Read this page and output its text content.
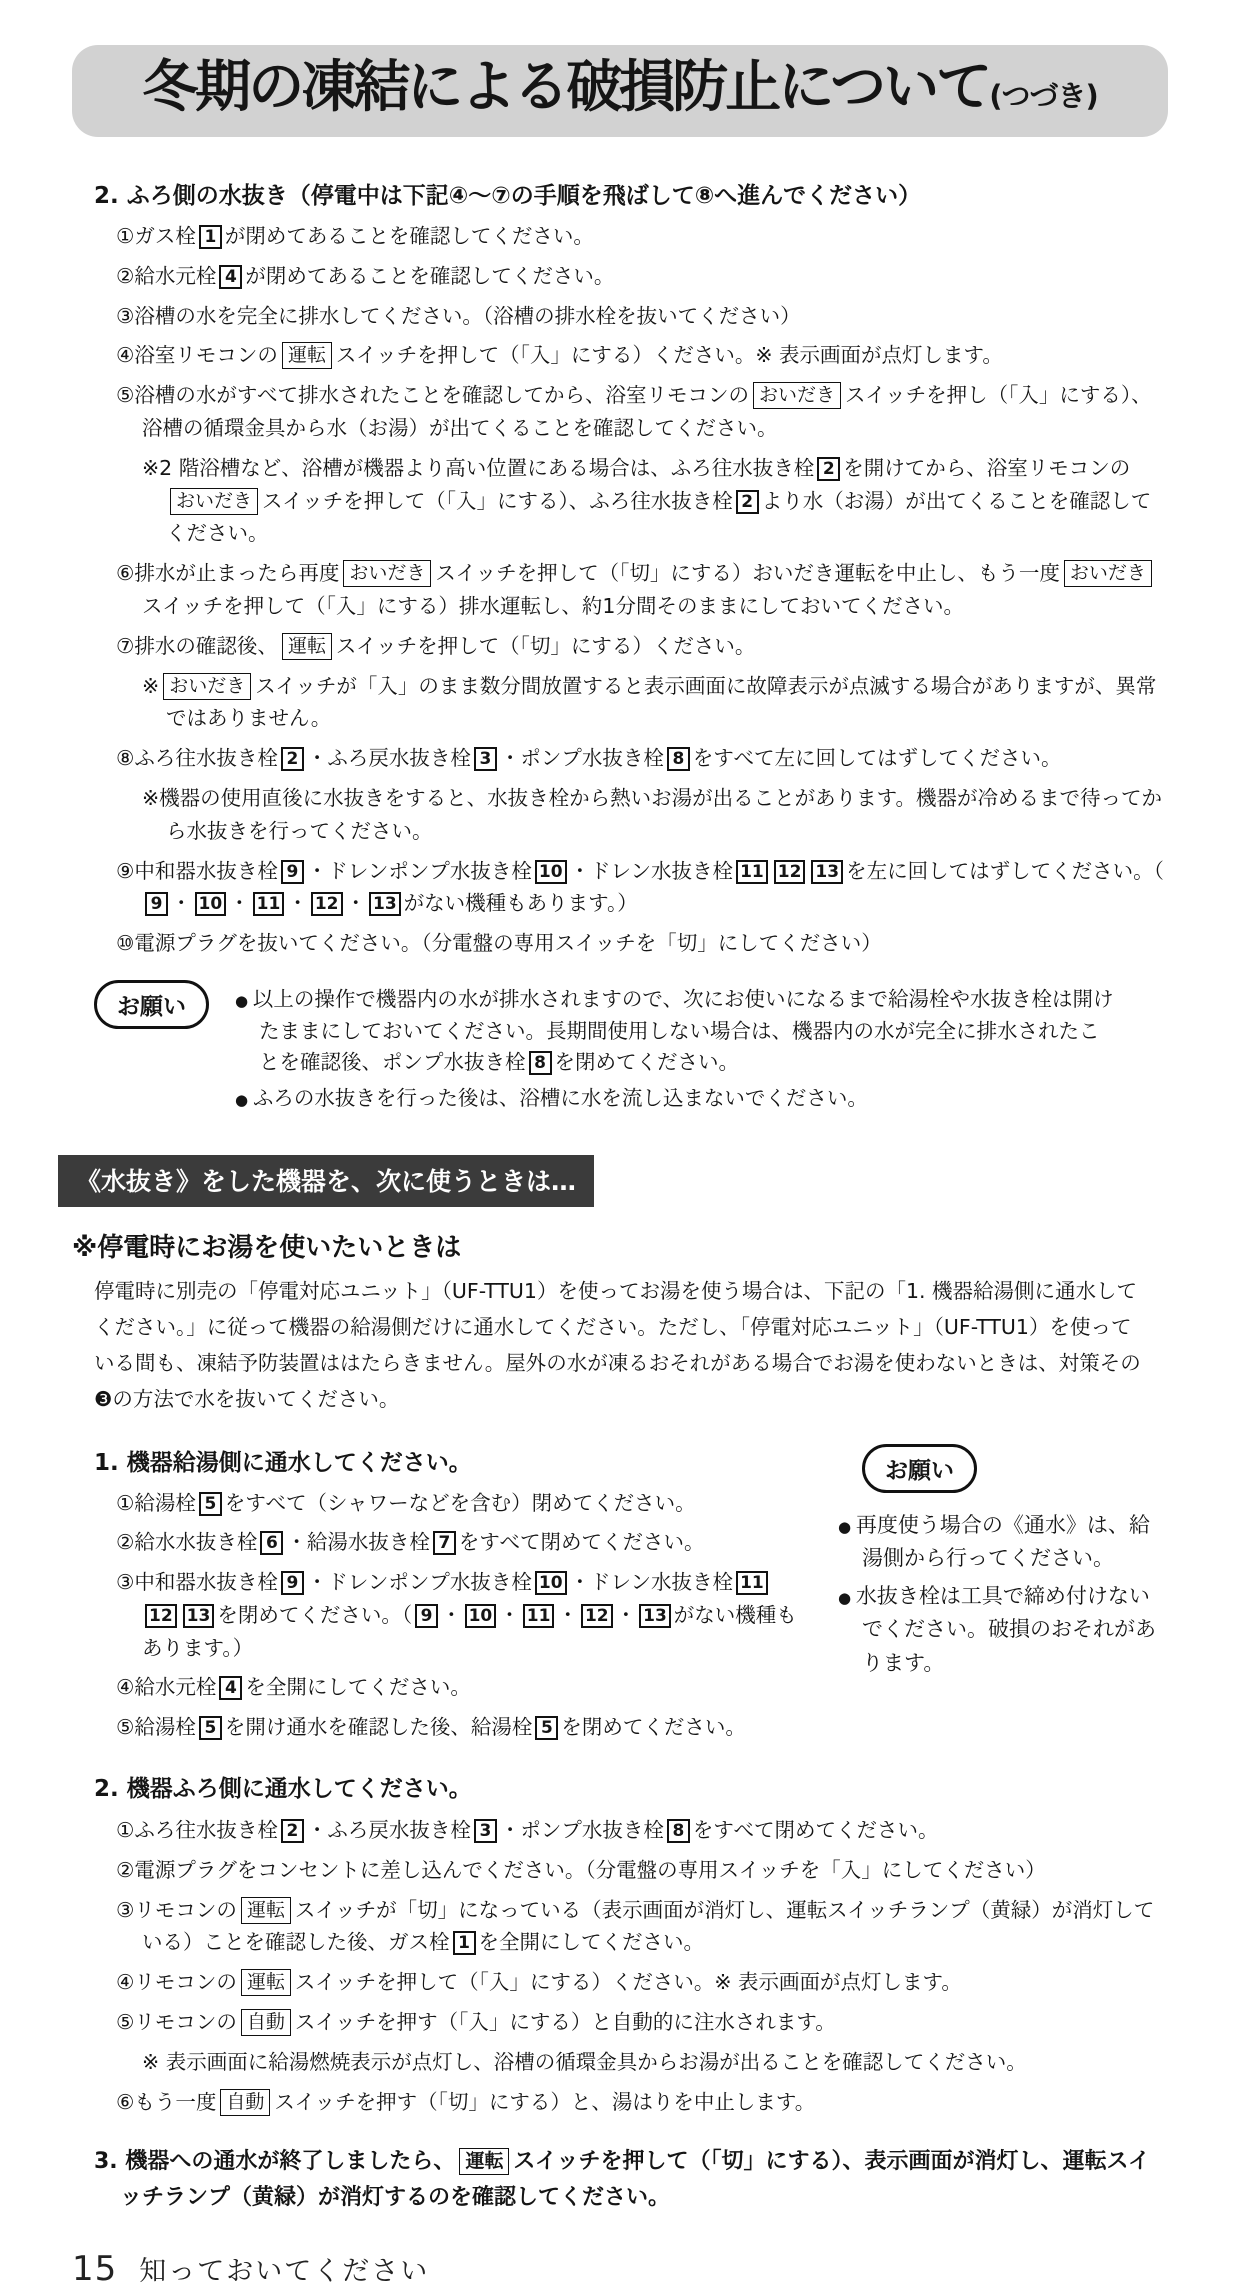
冬期の凍結による破損防止について(つづき)
2. ふろ側の水抜き（停電中は下記④～⑦の手順を飛ばして⑧へ進んでください）
①ガス栓 1 が閉めてあることを確認してください。
②給水元栓 4 が閉めてあることを確認してください。
③浴槽の水を完全に排水してください。（浴槽の排水栓を抜いてください）
④浴室リモコンの 運転 スイッチを押して（「入」にする）ください。※ 表示画面が点灯します。
⑤浴槽の水がすべて排水されたことを確認してから、浴室リモコンの おいだき スイッチを押し（「入」にする）、浴槽の循環金具から水（お湯）が出てくることを確認してください。
※2 階浴槽など、浴槽が機器より高い位置にある場合は、ふろ往水抜き栓 2 を開けてから、浴室リモコンのおいだき スイッチを押して（「入」にする）、ふろ往水抜き栓 2 より水（お湯）が出てくることを確認してください。
⑥排水が止まったら再度 おいだき スイッチを押して（「切」にする）おいだき運転を中止し、もう一度 おいだきスイッチを押して（「入」にする）排水運転し、約1分間そのままにしておいてください。
⑦排水の確認後、 運転 スイッチを押して（「切」にする）ください。
※ おいだき スイッチが「入」のまま数分間放置すると表示画面に故障表示が点滅する場合がありますが、異常ではありません。
⑧ふろ往水抜き栓 2 ・ふろ戻水抜き栓 3 ・ポンプ水抜き栓 8 をすべて左に回してはずしてください。
※機器の使用直後に水抜きをすると、水抜き栓から熱いお湯が出ることがあります。機器が冷めるまで待ってから水抜きを行ってください。
⑨中和器水抜き栓 9 ・ドレンポンプ水抜き栓 10 ・ドレン水抜き栓 11 12 13 を左に回してはずしてください。（9 ・ 10 ・ 11 ・ 12 ・ 13 がない機種もあります。）
⑩電源プラグを抜いてください。（分電盤の専用スイッチを「切」にしてください）
お願い	● 以上の操作で機器内の水が排水されますので、次にお使いになるまで給湯栓や水抜き栓は開けたままにしておいてください。長期間使用しない場合は、機器内の水が完全に排水されたことを確認後、ポンプ水抜き栓 8 を閉めてください。
● ふろの水抜きを行った後は、浴槽に水を流し込まないでください。
《水抜き》をした機器を、次に使うときは…
※停電時にお湯を使いたいときは
停電時に別売の「停電対応ユニット」（UF-TTU1）を使ってお湯を使う場合は、下記の「1. 機器給湯側に通水してください。」に従って機器の給湯側だけに通水してください。ただし、「停電対応ユニット」（UF-TTU1）を使っている間も、凍結予防装置ははたらきません。屋外の水が凍るおそれがある場合でお湯を使わないときは、対策その❸の方法で水を抜いてください。
1. 機器給湯側に通水してください。
①給湯栓 5 をすべて（シャワーなどを含む）閉めてください。
②給水水抜き栓 6 ・給湯水抜き栓 7 をすべて閉めてください。
③中和器水抜き栓 9 ・ドレンポンプ水抜き栓 10 ・ドレン水抜き栓 1112 13 を閉めてください。（ 9 ・ 10 ・ 11 ・ 12 ・ 13 がない機種もあります。）
④給水元栓 4 を全開にしてください。
⑤給湯栓 5 を開け通水を確認した後、給湯栓 5 を閉めてください。
2. 機器ふろ側に通水してください。
お願い
● 再度使う場合の《通水》は、給湯側から行ってください。
● 水抜き栓は工具で締め付けないでください。破損のおそれがあります。
①ふろ往水抜き栓 2 ・ふろ戻水抜き栓 3 ・ポンプ水抜き栓 8 をすべて閉めてください。
②電源プラグをコンセントに差し込んでください。（分電盤の専用スイッチを「入」にしてください）
③リモコンの 運転 スイッチが「切」になっている（表示画面が消灯し、運転スイッチランプ（黄緑）が消灯している）ことを確認した後、ガス栓 1 を全開にしてください。
④リモコンの 運転 スイッチを押して（「入」にする）ください。※ 表示画面が点灯します。
⑤リモコンの 自動 スイッチを押す（「入」にする）と自動的に注水されます。
※ 表示画面に給湯燃焼表示が点灯し、浴槽の循環金具からお湯が出ることを確認してください。
⑥もう一度 自動 スイッチを押す（「切」にする）と、湯はりを中止します。
3. 機器への通水が終了しましたら、 運転 スイッチを押して（「切」にする）、表示画面が消灯し、運転スイッチランプ（黄緑）が消灯するのを確認してください。
15 知っておいてください
